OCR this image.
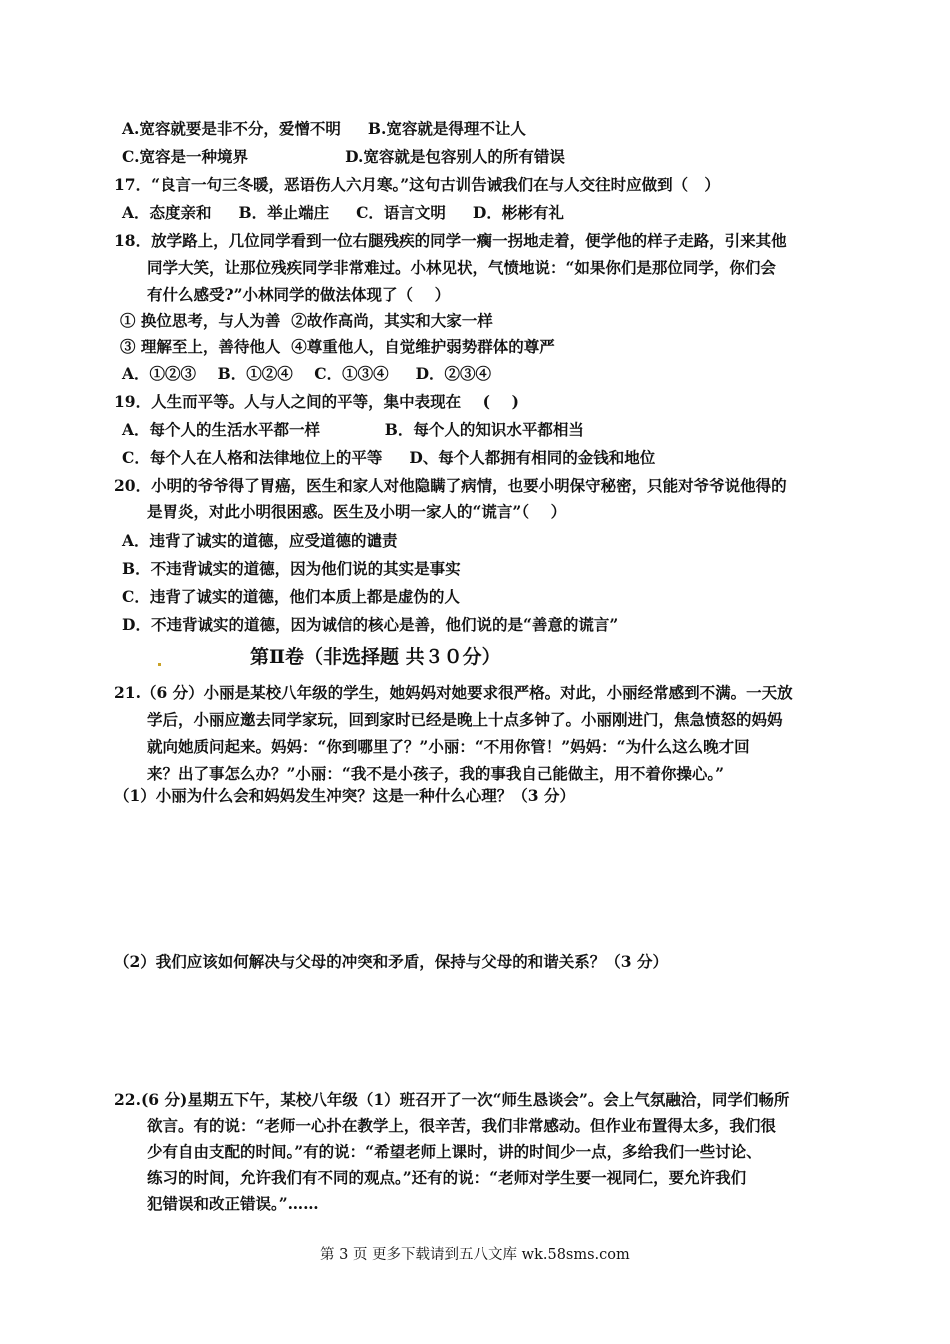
A.宽容就要是非不分，爱憎不明     B.宽容就是得理不让人
C.宽容是一种境界                  D.宽容就是包容别人的所有错误
17．“良言一句三冬暖，恶语伤人六月寒。”这句古训告诫我们在与人交往时应做到（   ）
A．态度亲和     B．举止端庄     C．语言文明     D．彬彬有礼
18．放学路上，几位同学看到一位右腿残疾的同学一瘸一拐地走着，便学他的样子走路，引来其他
同学大笑，让那位残疾同学非常难过。小林见状，气愤地说：“如果你们是那位同学，你们会
有什么感受?”小林同学的做法体现了（    ）
① 换位思考，与人为善  ②故作高尚，其实和大家一样
③ 理解至上，善待他人  ④尊重他人，自觉维护弱势群体的尊严
A．①②③    B．①②④    C．①③④     D．②③④
19．人生而平等。人与人之间的平等，集中表现在    (    )
A．每个人的生活水平都一样            B．每个人的知识水平都相当
C．每个人在人格和法律地位上的平等     D、每个人都拥有相同的金钱和地位
20．小明的爷爷得了胃癌，医生和家人对他隐瞒了病情，也要小明保守秘密，只能对爷爷说他得的
是胃炎，对此小明很困惑。医生及小明一家人的“谎言”（    ）
A．违背了诚实的道德，应受道德的谴责
B．不违背诚实的道德，因为他们说的其实是事实
C．违背了诚实的道德，他们本质上都是虚伪的人
D．不违背诚实的道德，因为诚信的核心是善，他们说的是“善意的谎言”
第Ⅱ卷（非选择题 共３０分）
21.（6 分）小丽是某校八年级的学生，她妈妈对她要求很严格。对此，小丽经常感到不满。一天放
学后，小丽应邀去同学家玩，回到家时已经是晚上十点多钟了。小丽刚进门，焦急愤怒的妈妈
就向她质问起来。妈妈：“你到哪里了？”小丽：“不用你管！”妈妈：“为什么这么晚才回
来？出了事怎么办？”小丽：“我不是小孩子，我的事我自己能做主，用不着你操心。”
（1）小丽为什么会和妈妈发生冲突？这是一种什么心理？（3 分）
（2）我们应该如何解决与父母的冲突和矛盾，保持与父母的和谐关系？（3 分）
22.(6 分)星期五下午，某校八年级（1）班召开了一次“师生恳谈会”。会上气氛融洽，同学们畅所
欲言。有的说：“老师一心扑在教学上，很辛苦，我们非常感动。但作业布置得太多，我们很
少有自由支配的时间。”有的说：“希望老师上课时，讲的时间少一点，多给我们一些讨论、
练习的时间，允许我们有不同的观点。”还有的说：“老师对学生要一视同仁，要允许我们
犯错误和改正错误。”……
第 3 页 更多下载请到五八文库 wk.58sms.com
